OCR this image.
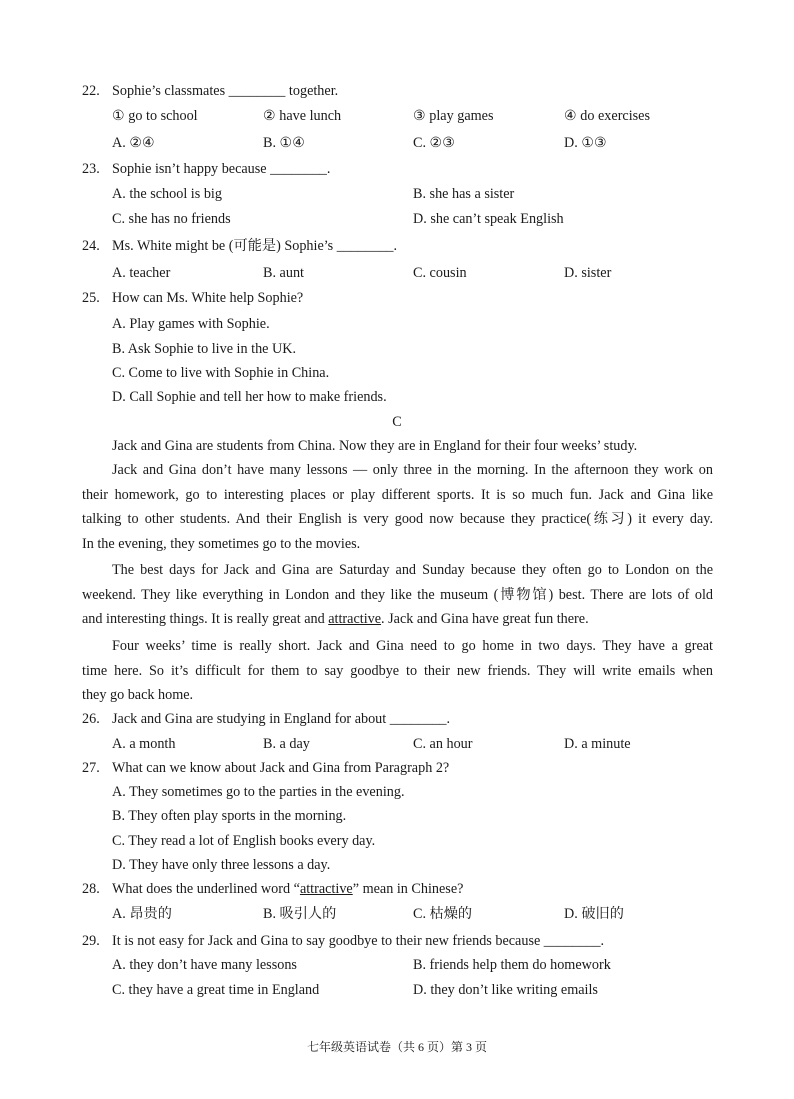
22. Sophie’s classmates ________ together.
① go to school	② have lunch	③ play games	④ do exercises
A. ②④	B. ①④	C. ②③	D. ①③
23. Sophie isn’t happy because ________.
A. the school is big	B. she has a sister
C. she has no friends	D. she can’t speak English
24. Ms. White might be (可能是) Sophie’s ________.
A. teacher	B. aunt	C. cousin	D. sister
25. How can Ms. White help Sophie?
A. Play games with Sophie.
B. Ask Sophie to live in the UK.
C. Come to live with Sophie in China.
D. Call Sophie and tell her how to make friends.
C
Jack and Gina are students from China. Now they are in England for their four weeks’ study.
Jack and Gina don’t have many lessons — only three in the morning. In the afternoon they work on
their homework, go to interesting places or play different sports. It is so much fun. Jack and Gina like
talking to other students. And their English is very good now because they practice(练习) it every day.
In the evening, they sometimes go to the movies.
The best days for Jack and Gina are Saturday and Sunday because they often go to London on the
weekend. They like everything in London and they like the museum (博物馆) best. There are lots of old
and interesting things. It is really great and attractive. Jack and Gina have great fun there.
Four weeks’ time is really short. Jack and Gina need to go home in two days. They have a great
time here. So it’s difficult for them to say goodbye to their new friends. They will write emails when
they go back home.
26. Jack and Gina are studying in England for about ________.
A. a month	B. a day	C. an hour	D. a minute
27. What can we know about Jack and Gina from Paragraph 2?
A. They sometimes go to the parties in the evening.
B. They often play sports in the morning.
C. They read a lot of English books every day.
D. They have only three lessons a day.
28. What does the underlined word “attractive” mean in Chinese?
A. 昂贵的	B. 吸引人的	C. 枯燥的	D. 破旧的
29. It is not easy for Jack and Gina to say goodbye to their new friends because ________.
A. they don’t have many lessons	B. friends help them do homework
C. they have a great time in England	D. they don’t like writing emails
七年级英语试卷（共 6 页）第 3 页
